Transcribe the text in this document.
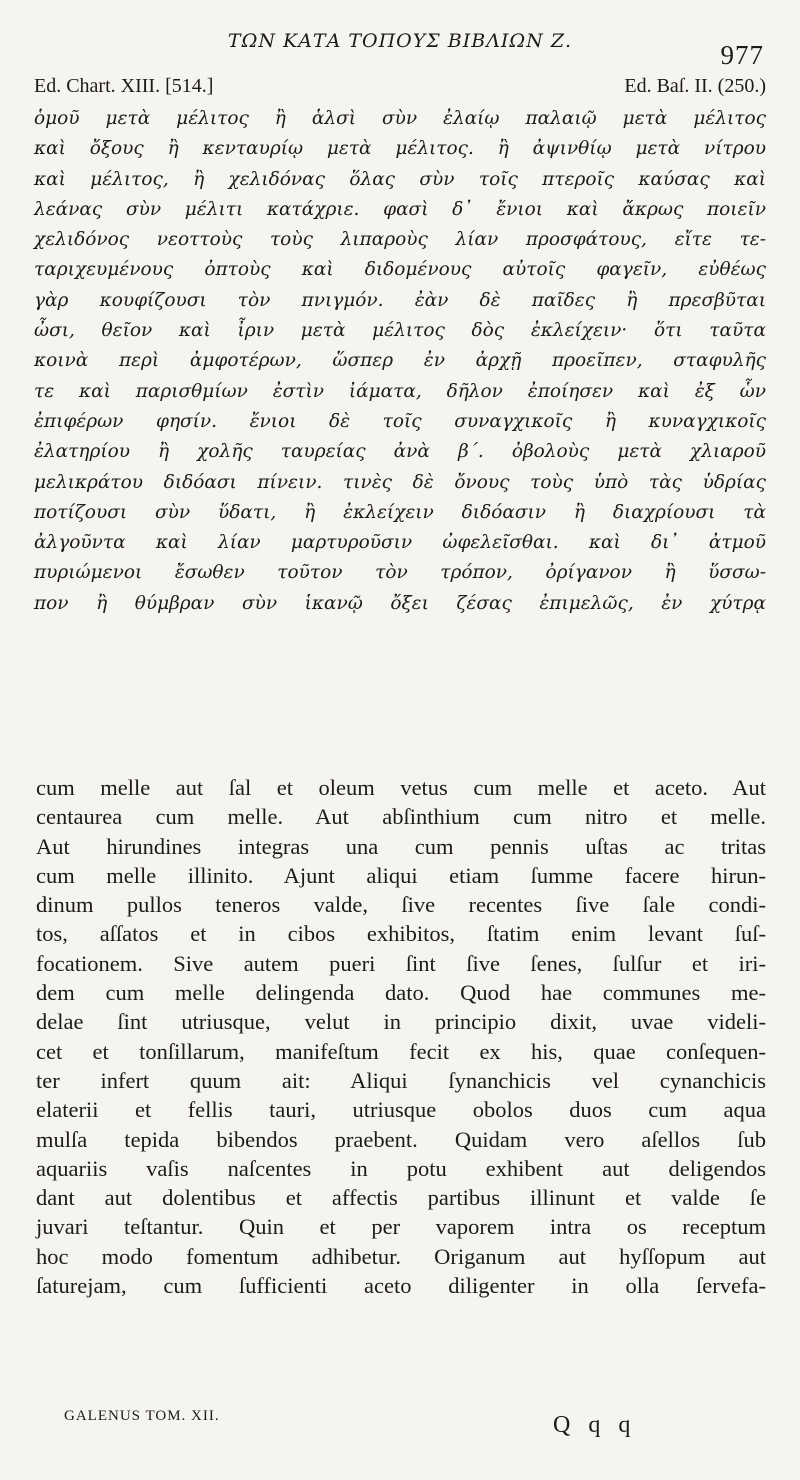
ΤΩΝ ΚΑΤΑ ΤΟΠΟΥΣ ΒΙΒΛΙΩΝ Ζ.	977
Ed. Chart. XIII. [514.]	Ed. Baſ. II. (250.)
ὁμοῦ μετὰ μέλιτος ἢ ἁλσὶ σὺν ἐλαίῳ παλαιῷ μετὰ μέλιτος
καὶ ὄξους ἢ κενταυρίῳ μετὰ μέλιτος. ἢ ἀψινθίῳ μετὰ νίτρου
καὶ μέλιτος, ἢ χελιδόνας ὅλας σὺν τοῖς πτεροῖς καύσας καὶ
λεάνας σὺν μέλιτι κατάχριε. φασὶ δ᾽ ἔνιοι καὶ ἄκρως ποιεῖν
χελιδόνος νεοττοὺς τοὺς λιπαροὺς λίαν προσφάτους, εἴτε τε-
ταριχευμένους ὀπτοὺς καὶ διδομένους αὐτοῖς φαγεῖν, εὐθέως
γὰρ κουφίζουσι τὸν πνιγμόν. ἐὰν δὲ παῖδες ἢ πρεσβῦται
ὦσι, θεῖον καὶ ἶριν μετὰ μέλιτος δὸς ἐκλείχειν· ὅτι ταῦτα
κοινὰ περὶ ἀμφοτέρων, ὥσπερ ἐν ἀρχῇ προεῖπεν, σταφυλῆς
τε καὶ παρισθμίων ἐστὶν ἰάματα, δῆλον ἐποίησεν καὶ ἐξ ὧν
ἐπιφέρων φησίν. ἔνιοι δὲ τοῖς συναγχικοῖς ἢ κυναγχικοῖς
ἐλατηρίου ἢ χολῆς ταυρείας ἀνὰ β΄. ὀβολοὺς μετὰ χλιαροῦ
μελικράτου διδόασι πίνειν. τινὲς δὲ ὄνους τοὺς ὑπὸ τὰς ὑδρίας
ποτίζουσι σὺν ὕδατι, ἢ ἐκλείχειν διδόασιν ἢ διαχρίουσι τὰ
ἀλγοῦντα καὶ λίαν μαρτυροῦσιν ὠφελεῖσθαι. καὶ δι᾽ ἀτμοῦ
πυριώμενοι ἔσωθεν τοῦτον τὸν τρόπον, ὀρίγανον ἢ ὕσσω-
πον ἢ θύμβραν σὺν ἱκανῷ ὄξει ζέσας ἐπιμελῶς, ἐν χύτρᾳ
cum melle aut ſal et oleum vetus cum melle et aceto. Aut
centaurea cum melle. Aut abſinthium cum nitro et melle.
Aut hirundines integras una cum pennis uſtas ac tritas
cum melle illinito. Ajunt aliqui etiam ſumme facere hirun-
dinum pullos teneros valde, ſive recentes ſive ſale condi-
tos, aſſatos et in cibos exhibitos, ſtatim enim levant ſuſ-
focationem. Sive autem pueri ſint ſive ſenes, ſulſur et iri-
dem cum melle delingenda dato. Quod hae communes me-
delae ſint utriusque, velut in principio dixit, uvae videli-
cet et tonſillarum, manifeſtum fecit ex his, quae conſequen-
ter infert quum ait: Aliqui ſynanchicis vel cynanchicis
elaterii et fellis tauri, utriusque obolos duos cum aqua
mulſa tepida bibendos praebent. Quidam vero aſellos ſub
aquariis vaſis naſcentes in potu exhibent aut deligendos
dant aut dolentibus et affectis partibus illinunt et valde ſe
juvari teſtantur. Quin et per vaporem intra os receptum
hoc modo fomentum adhibetur. Origanum aut hyſſopum aut
ſaturejam, cum ſufficienti aceto diligenter in olla ſervefa-
GALENUS TOM. XII.	Q q q
